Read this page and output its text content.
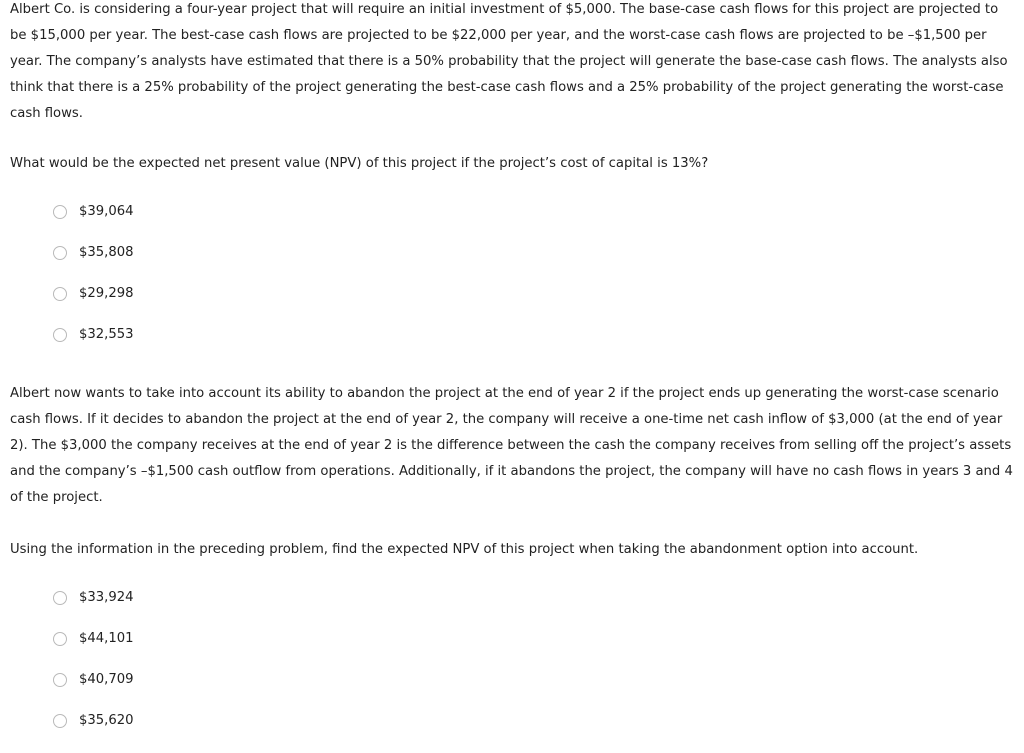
Albert Co. is considering a four-year project that will require an initial investment of $5,000. The base-case cash flows for this project are projected to be $15,000 per year. The best-case cash flows are projected to be $22,000 per year, and the worst-case cash flows are projected to be –$1,500 per year. The company’s analysts have estimated that there is a 50% probability that the project will generate the base-case cash flows. The analysts also think that there is a 25% probability of the project generating the best-case cash flows and a 25% probability of the project generating the worst-case cash flows.

What would be the expected net present value (NPV) of this project if the project’s cost of capital is 13%?

$39,064
$35,808
$29,298
$32,553

Albert now wants to take into account its ability to abandon the project at the end of year 2 if the project ends up generating the worst-case scenario cash flows. If it decides to abandon the project at the end of year 2, the company will receive a one-time net cash inflow of $3,000 (at the end of year 2). The $3,000 the company receives at the end of year 2 is the difference between the cash the company receives from selling off the project’s assets and the company’s –$1,500 cash outflow from operations. Additionally, if it abandons the project, the company will have no cash flows in years 3 and 4 of the project.

Using the information in the preceding problem, find the expected NPV of this project when taking the abandonment option into account.

$33,924
$44,101
$40,709
$35,620
